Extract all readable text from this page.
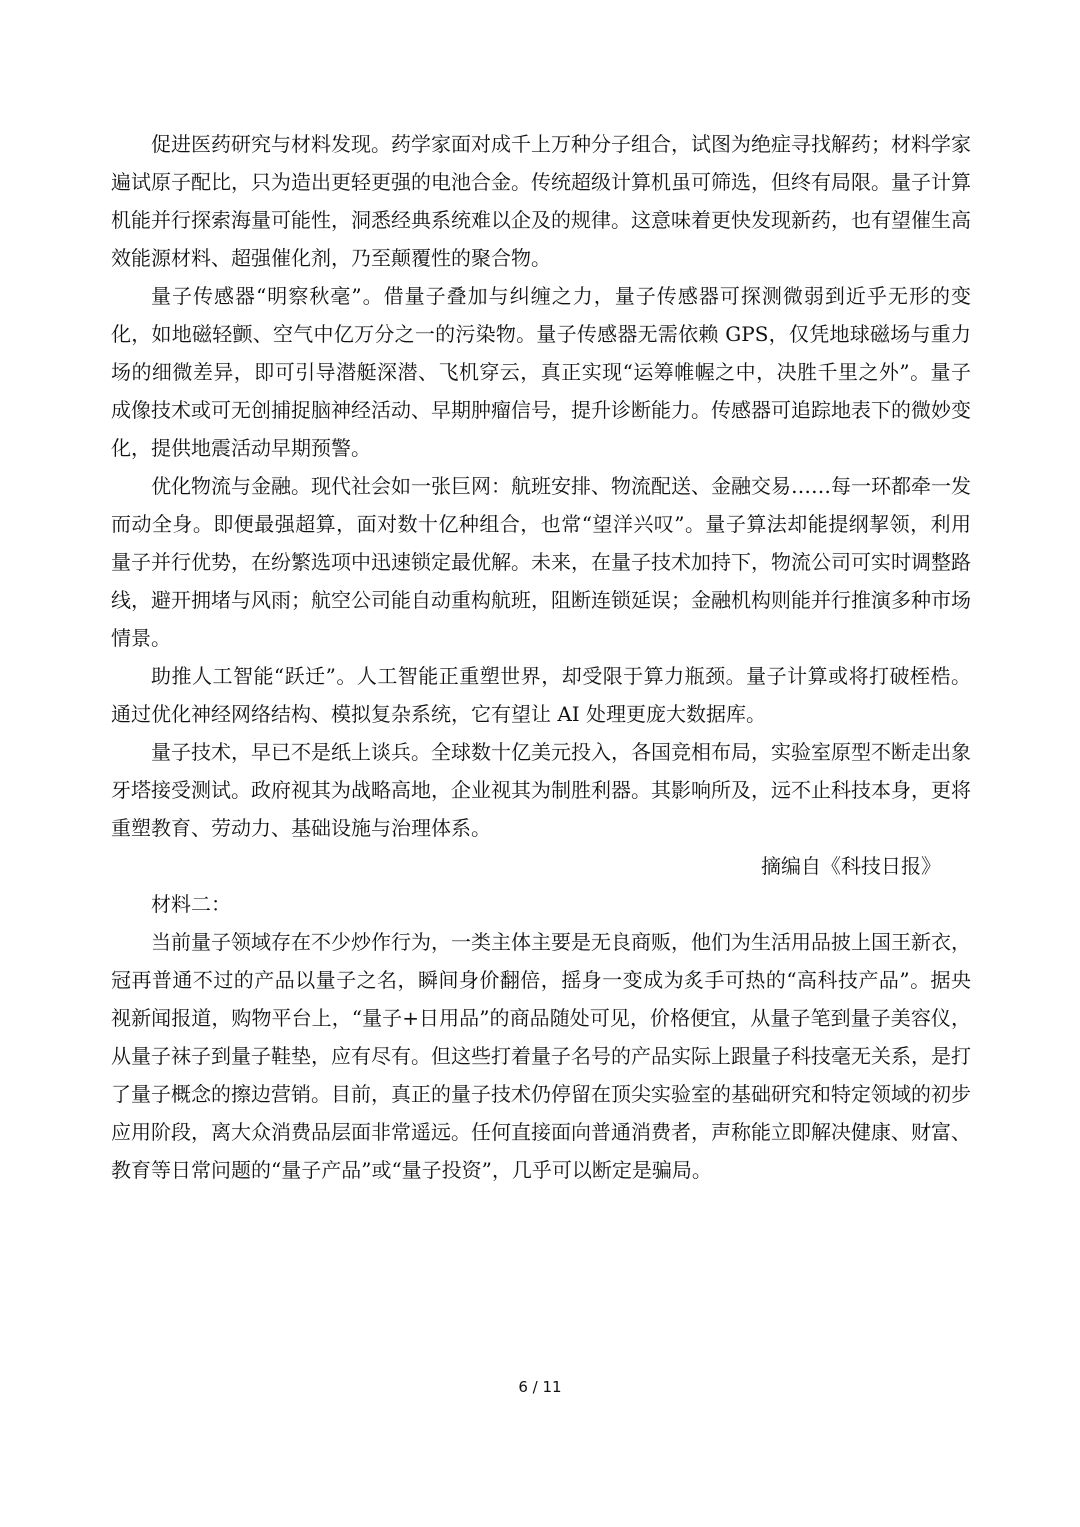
促进医药研究与材料发现。药学家面对成千上万种分子组合，试图为绝症寻找解药；材料学家遍试原子配比，只为造出更轻更强的电池合金。传统超级计算机虽可筛选，但终有局限。量子计算机能并行探索海量可能性，洞悉经典系统难以企及的规律。这意味着更快发现新药，也有望催生高效能源材料、超强催化剂，乃至颠覆性的聚合物。

量子传感器“明察秋毫”。借量子叠加与纠缠之力，量子传感器可探测微弱到近乎无形的变化，如地磁轻颤、空气中亿万分之一的污染物。量子传感器无需依赖 GPS，仅凭地球磁场与重力场的细微差异，即可引导潜艇深潜、飞机穿云，真正实现“运筹帷幄之中，决胜千里之外”。量子成像技术或可无创捕捉脑神经活动、早期肿瘤信号，提升诊断能力。传感器可追踪地表下的微妙变化，提供地震活动早期预警。

优化物流与金融。现代社会如一张巨网：航班安排、物流配送、金融交易……每一环都牵一发而动全身。即便最强超算，面对数十亿种组合，也常“望洋兴叹”。量子算法却能提纲挈领，利用量子并行优势，在纷繁选项中迅速锁定最优解。未来，在量子技术加持下，物流公司可实时调整路线，避开拥堵与风雨；航空公司能自动重构航班，阻断连锁延误；金融机构则能并行推演多种市场情景。

助推人工智能“跃迁”。人工智能正重塑世界，却受限于算力瓶颈。量子计算或将打破桎梏。通过优化神经网络结构、模拟复杂系统，它有望让 AI 处理更庞大数据库。

量子技术，早已不是纸上谈兵。全球数十亿美元投入，各国竞相布局，实验室原型不断走出象牙塔接受测试。政府视其为战略高地，企业视其为制胜利器。其影响所及，远不止科技本身，更将重塑教育、劳动力、基础设施与治理体系。

摘编自《科技日报》

材料二：

当前量子领域存在不少炒作行为，一类主体主要是无良商贩，他们为生活用品披上国王新衣，冠再普通不过的产品以量子之名，瞬间身价翻倍，摇身一变成为炙手可热的“高科技产品”。据央视新闻报道，购物平台上，“量子+日用品”的商品随处可见，价格便宜，从量子笔到量子美容仪，从量子袜子到量子鞋垫，应有尽有。但这些打着量子名号的产品实际上跟量子科技毫无关系，是打了量子概念的擦边营销。目前，真正的量子技术仍停留在顶尖实验室的基础研究和特定领域的初步应用阶段，离大众消费品层面非常遥远。任何直接面向普通消费者，声称能立即解决健康、财富、教育等日常问题的“量子产品”或“量子投资”，几乎可以断定是骗局。

6 / 11
